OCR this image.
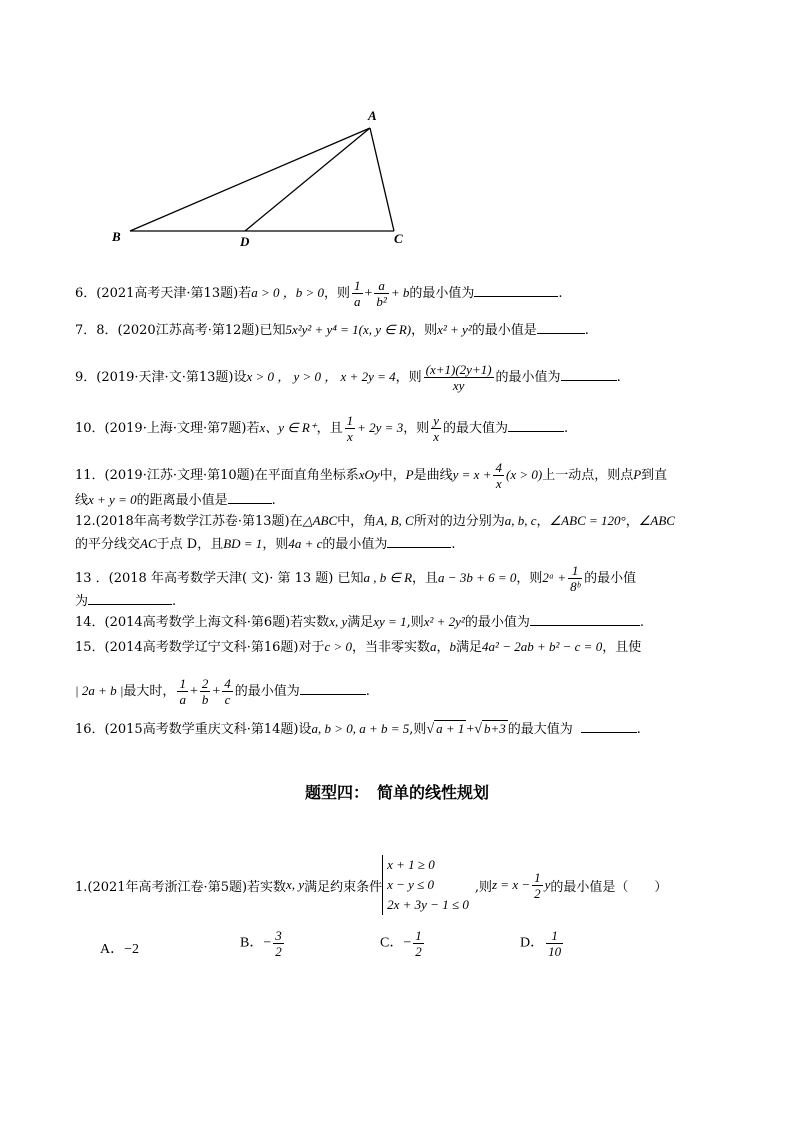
A
B	C
D
6．(2021高考天津·第13题)若a > 0 ，b > 0，则 $\frac{1}{a} + \frac{a}{\text{b²}} + b$的最小值为	.
7．8．(2020江苏高考·第12题)已知5x²y² + y⁴ = 1(x, y ∈ R)，则x² + y²的最小值是	.
9．(2019·天津·文·第13题)设x > 0 ， y > 0 ， x + 2y = 4，则 $\frac{(x+1)(2y+1)}{xy}$ 的最小值为	.
10．(2019·上海·文理·第7题)若x、y ∈ R⁺，且 $\frac{1}{x} + 2y = 3$，则 $\frac{y}{x}$ 的最大值为	.
11．(2019·江苏·文理·第10题)在平面直角坐标系xOy中，P是曲线$y = x + \frac{4}{x} (x > 0)$上一动点，则点P到直
线x + y = 0的距离最小值是	.
12.(2018年高考数学江苏卷·第13题)在△ABC中，角A, B, C所对的边分别为a, b, c，∠ABC = 120°，∠ABC
的平分线交AC于点 D，且BD = 1，则4a + c的最小值为	.
13 ．(2018 年高考数学天津( 文)· 第 13 题) 已知a , b ∈ R，且a − 3b + 6 = 0，则2ᵃ + $\frac{1}{\text{8ᵇ}}$ 的最小值
为	.
14．(2014高考数学上海文科·第6题)若实数x, y满足xy = 1,则x² + 2y²的最小值为	.
15．(2014高考数学辽宁文科·第16题)对于c > 0，当非零实数a，b满足4a² − 2ab + b² − c = 0，且使
| 2a + b |最大时， $\frac{1}{a} + \frac{2}{b} + \frac{4}{c}$ 的最小值为	.
16．(2015高考数学重庆文科·第14题)设a, b > 0, a + b = 5,则√ a + 1 +√ b+3 的最大值为	.
题型四：　简单的线性规划
1.(2021年高考浙江卷·第5题)若实数 x, y 满足约束条件
x + 1 ≥ 0
x − y ≤ 0
2x + 3y − 1 ≤ 0
,则 $z = x - \frac{1}{2}$ y 的最小值是（　　）
A．−2	B．− $\frac{3}{2}$	C．− $\frac{1}{2}$	D． $\frac{1}{10}$
